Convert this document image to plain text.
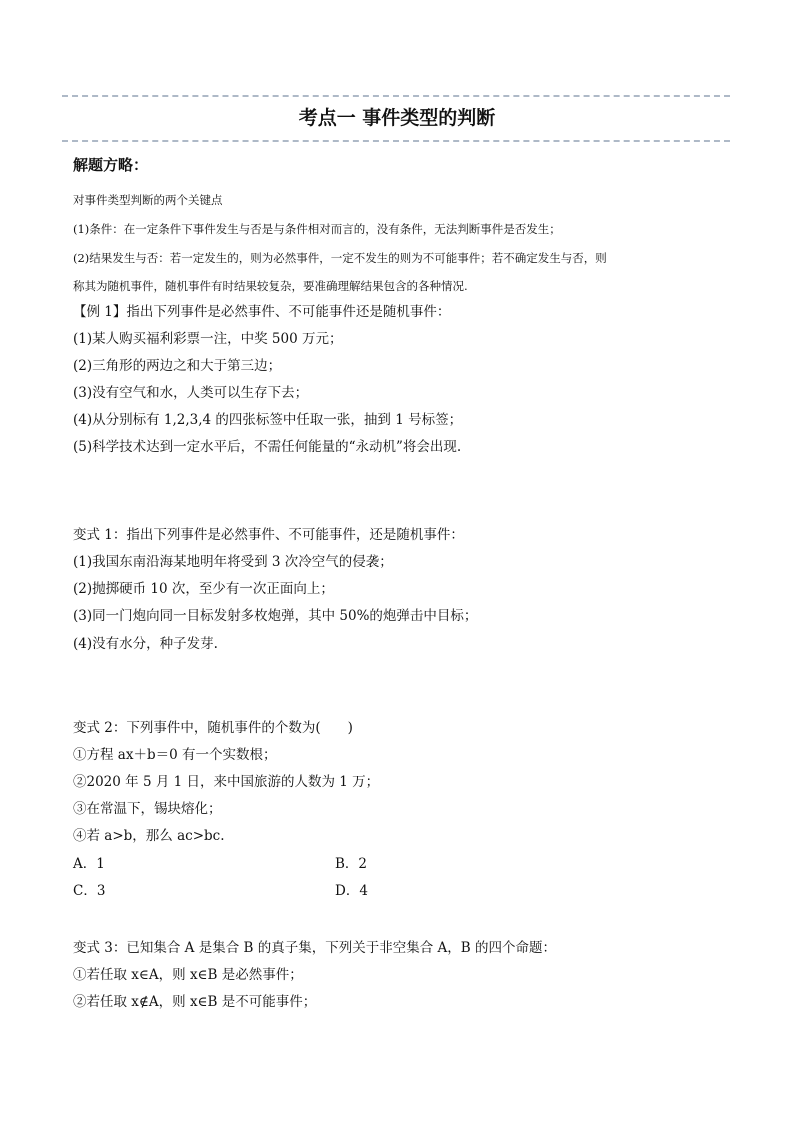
考点一 事件类型的判断
解题方略：
对事件类型判断的两个关键点
(1)条件：在一定条件下事件发生与否是与条件相对而言的，没有条件，无法判断事件是否发生；
(2)结果发生与否：若一定发生的，则为必然事件，一定不发生的则为不可能事件；若不确定发生与否，则
称其为随机事件，随机事件有时结果较复杂，要准确理解结果包含的各种情况.
【例 1】指出下列事件是必然事件、不可能事件还是随机事件：
(1)某人购买福利彩票一注，中奖 500 万元；
(2)三角形的两边之和大于第三边；
(3)没有空气和水，人类可以生存下去；
(4)从分别标有 1,2,3,4 的四张标签中任取一张，抽到 1 号标签；
(5)科学技术达到一定水平后，不需任何能量的“永动机”将会出现.
变式 1：指出下列事件是必然事件、不可能事件，还是随机事件：
(1)我国东南沿海某地明年将受到 3 次冷空气的侵袭；
(2)抛掷硬币 10 次，至少有一次正面向上；
(3)同一门炮向同一目标发射多枚炮弹，其中 50%的炮弹击中目标；
(4)没有水分，种子发芽.
变式 2：下列事件中，随机事件的个数为(　　)
①方程 ax＋b＝0 有一个实数根；
②2020 年 5 月 1 日，来中国旅游的人数为 1 万；
③在常温下，锡块熔化；
④若 a>b，那么 ac>bc.
A．1	B．2
C．3	D．4
变式 3：已知集合 A 是集合 B 的真子集，下列关于非空集合 A，B 的四个命题：
①若任取 x∈A，则 x∈B 是必然事件；
②若任取 x∉A，则 x∈B 是不可能事件；
